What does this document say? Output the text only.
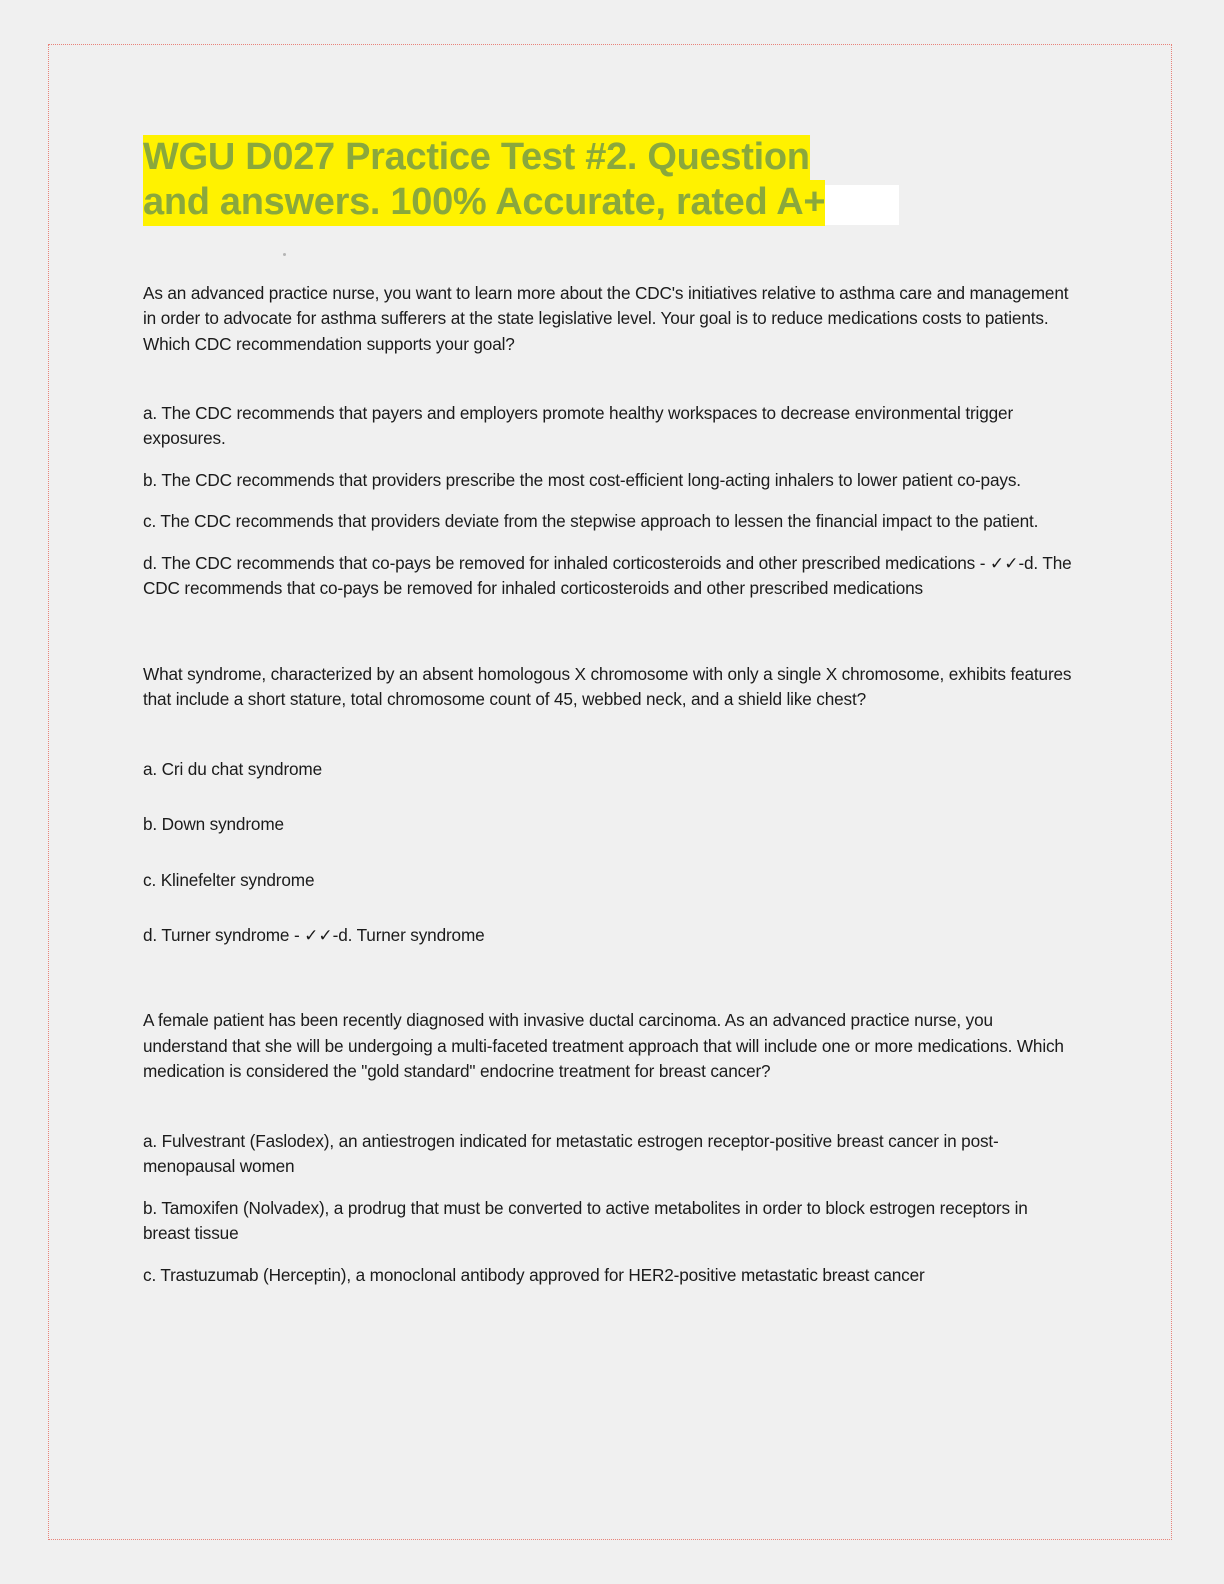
WGU D027 Practice Test #2. Question
and answers. 100% Accurate, rated A+

As an advanced practice nurse, you want to learn more about the CDC's initiatives relative to asthma care and management in order to advocate for asthma sufferers at the state legislative level. Your goal is to reduce medications costs to patients. Which CDC recommendation supports your goal?

a. The CDC recommends that payers and employers promote healthy workspaces to decrease environmental trigger exposures.

b. The CDC recommends that providers prescribe the most cost-efficient long-acting inhalers to lower patient co-pays.

c. The CDC recommends that providers deviate from the stepwise approach to lessen the financial impact to the patient.

d. The CDC recommends that co-pays be removed for inhaled corticosteroids and other prescribed medications - ✓✓-d. The CDC recommends that co-pays be removed for inhaled corticosteroids and other prescribed medications

What syndrome, characterized by an absent homologous X chromosome with only a single X chromosome, exhibits features that include a short stature, total chromosome count of 45, webbed neck, and a shield like chest?

a. Cri du chat syndrome

b. Down syndrome

c. Klinefelter syndrome

d. Turner syndrome - ✓✓-d. Turner syndrome

A female patient has been recently diagnosed with invasive ductal carcinoma. As an advanced practice nurse, you understand that she will be undergoing a multi-faceted treatment approach that will include one or more medications. Which medication is considered the "gold standard" endocrine treatment for breast cancer?

a. Fulvestrant (Faslodex), an antiestrogen indicated for metastatic estrogen receptor-positive breast cancer in post-menopausal women

b. Tamoxifen (Nolvadex), a prodrug that must be converted to active metabolites in order to block estrogen receptors in breast tissue

c. Trastuzumab (Herceptin), a monoclonal antibody approved for HER2-positive metastatic breast cancer
